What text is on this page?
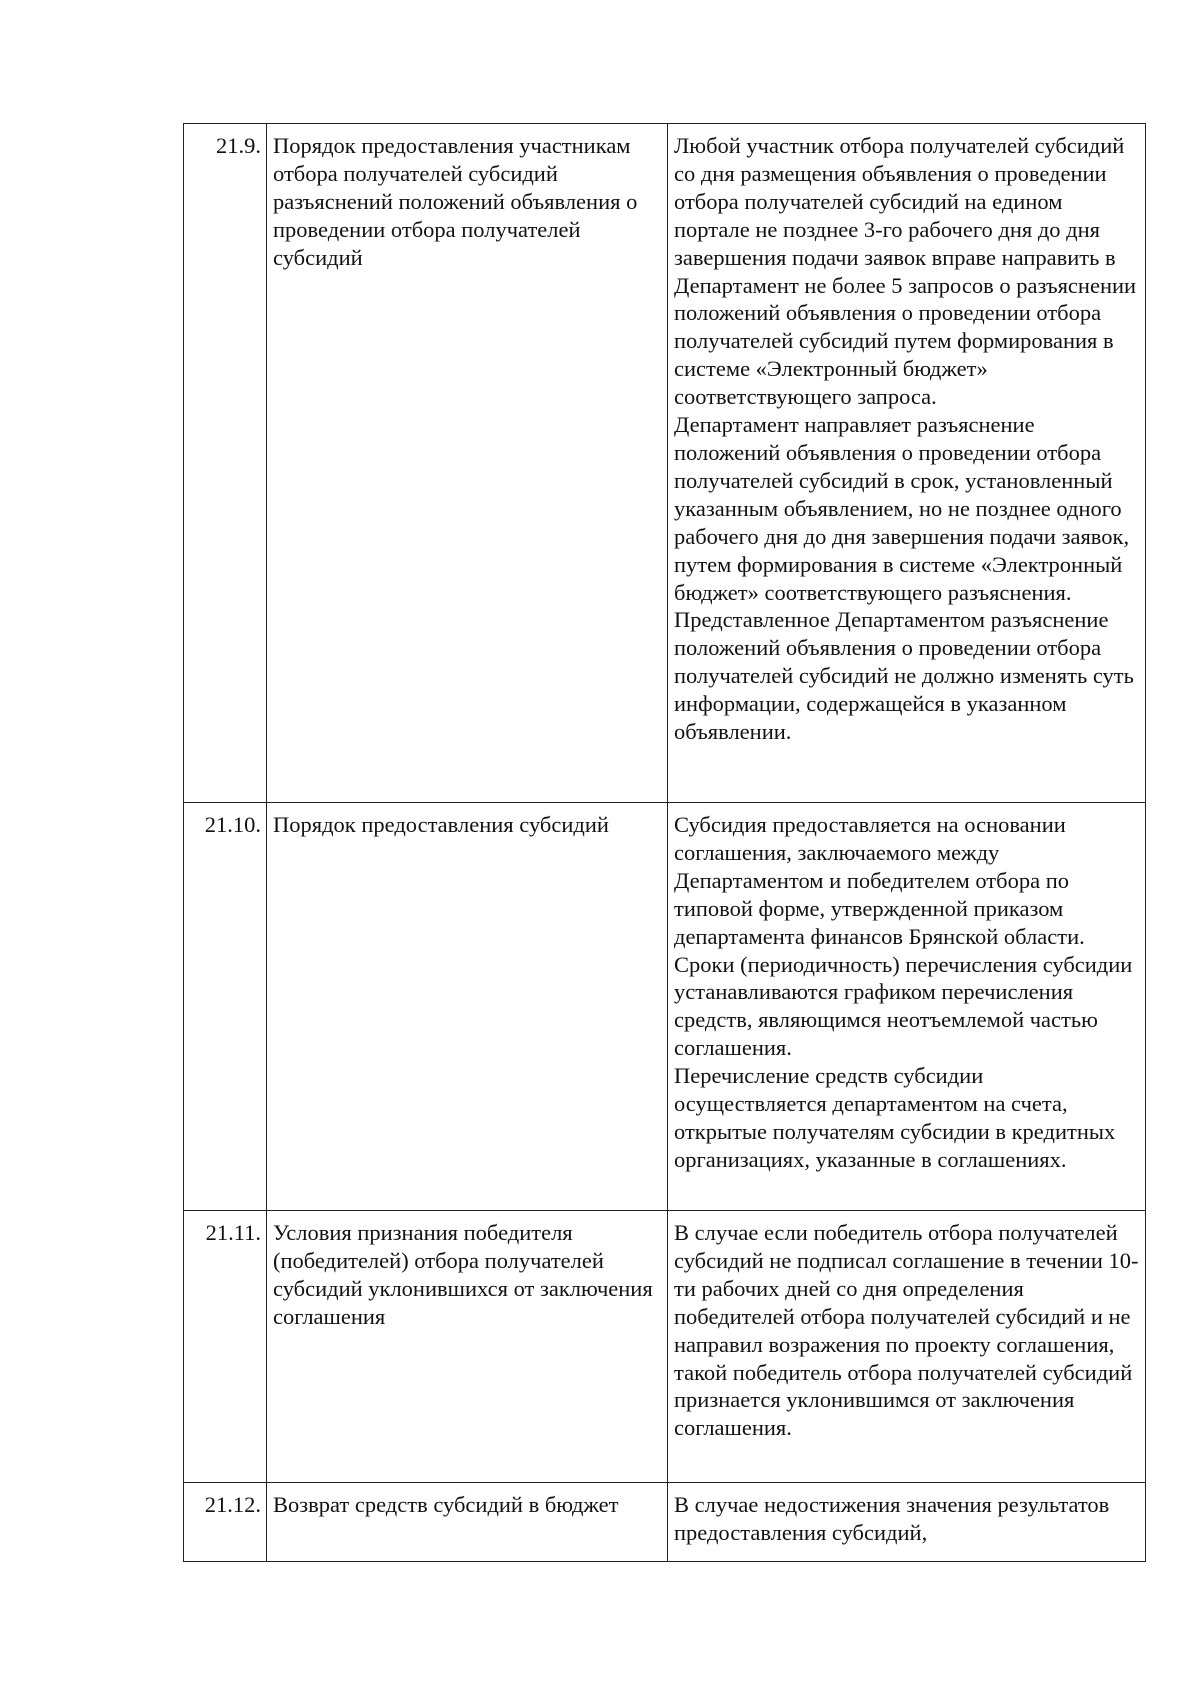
21.9.	Порядок предоставления участникам отбора получателей субсидий разъяснений положений объявления о проведении отбора получателей субсидий	Любой участник отбора получателей субсидий со дня размещения объявления о проведении отбора получателей субсидий на едином портале не позднее 3-го рабочего дня до дня завершения подачи заявок вправе направить в Департамент не более 5 запросов о разъяснении положений объявления о проведении отбора получателей субсидий путем формирования в системе «Электронный бюджет» соответствующего запроса.
Департамент направляет разъяснение положений объявления о проведении отбора получателей субсидий в срок, установленный указанным объявлением, но не позднее одного рабочего дня до дня завершения подачи заявок, путем формирования в системе «Электронный бюджет» соответствующего разъяснения.
Представленное Департаментом разъяснение положений объявления о проведении отбора получателей субсидий не должно изменять суть информации, содержащейся в указанном объявлении.

21.10.	Порядок предоставления субсидий	Субсидия предоставляется на основании соглашения, заключаемого между Департаментом и победителем отбора по типовой форме, утвержденной приказом департамента финансов Брянской области.
Сроки (периодичность) перечисления субсидии устанавливаются графиком перечисления средств, являющимся неотъемлемой частью соглашения.
Перечисление средств субсидии осуществляется департаментом на счета, открытые получателям субсидии в кредитных организациях, указанные в соглашениях.

21.11.	Условия признания победителя (победителей) отбора получателей субсидий уклонившихся от заключения соглашения	В случае если победитель отбора получателей субсидий не подписал соглашение в течении 10-ти рабочих дней со дня определения победителей отбора получателей субсидий и не направил возражения по проекту соглашения, такой победитель отбора получателей субсидий признается уклонившимся от заключения соглашения.

21.12.	Возврат средств субсидий в бюджет	В случае недостижения значения результатов предоставления субсидий,
